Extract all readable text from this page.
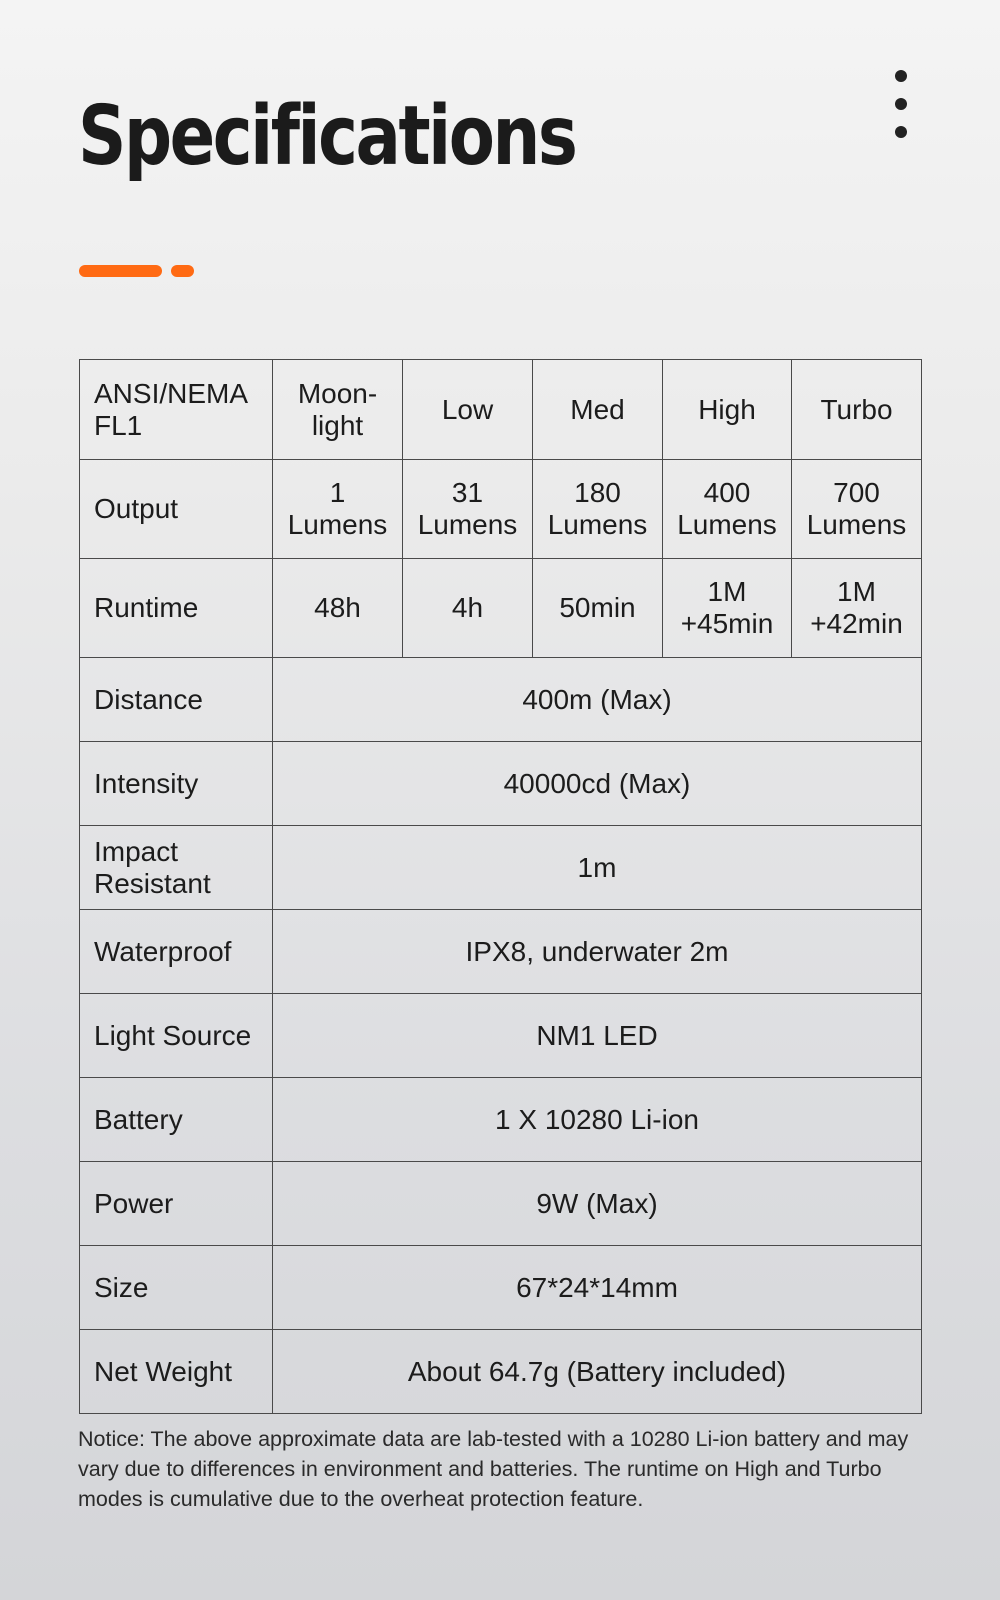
Specifications
ANSI/NEMA FL1	Moon-light	Low	Med	High	Turbo
Output	1 Lumens	31 Lumens	180 Lumens	400 Lumens	700 Lumens
Runtime	48h	4h	50min	1M +45min	1M +42min
Distance	400m (Max)				
Intensity	40000cd (Max)				
Impact Resistant	1m				
Waterproof	IPX8, underwater 2m				
Light Source	NM1 LED				
Battery	1 X 10280 Li-ion				
Power	9W (Max)				
Size	67*24*14mm				
Net Weight	About 64.7g (Battery included)				
Notice: The above approximate data are lab-tested with a 10280 Li-ion battery and may vary due to differences in environment and batteries. The runtime on High and Turbo modes is cumulative due to the overheat protection feature.
